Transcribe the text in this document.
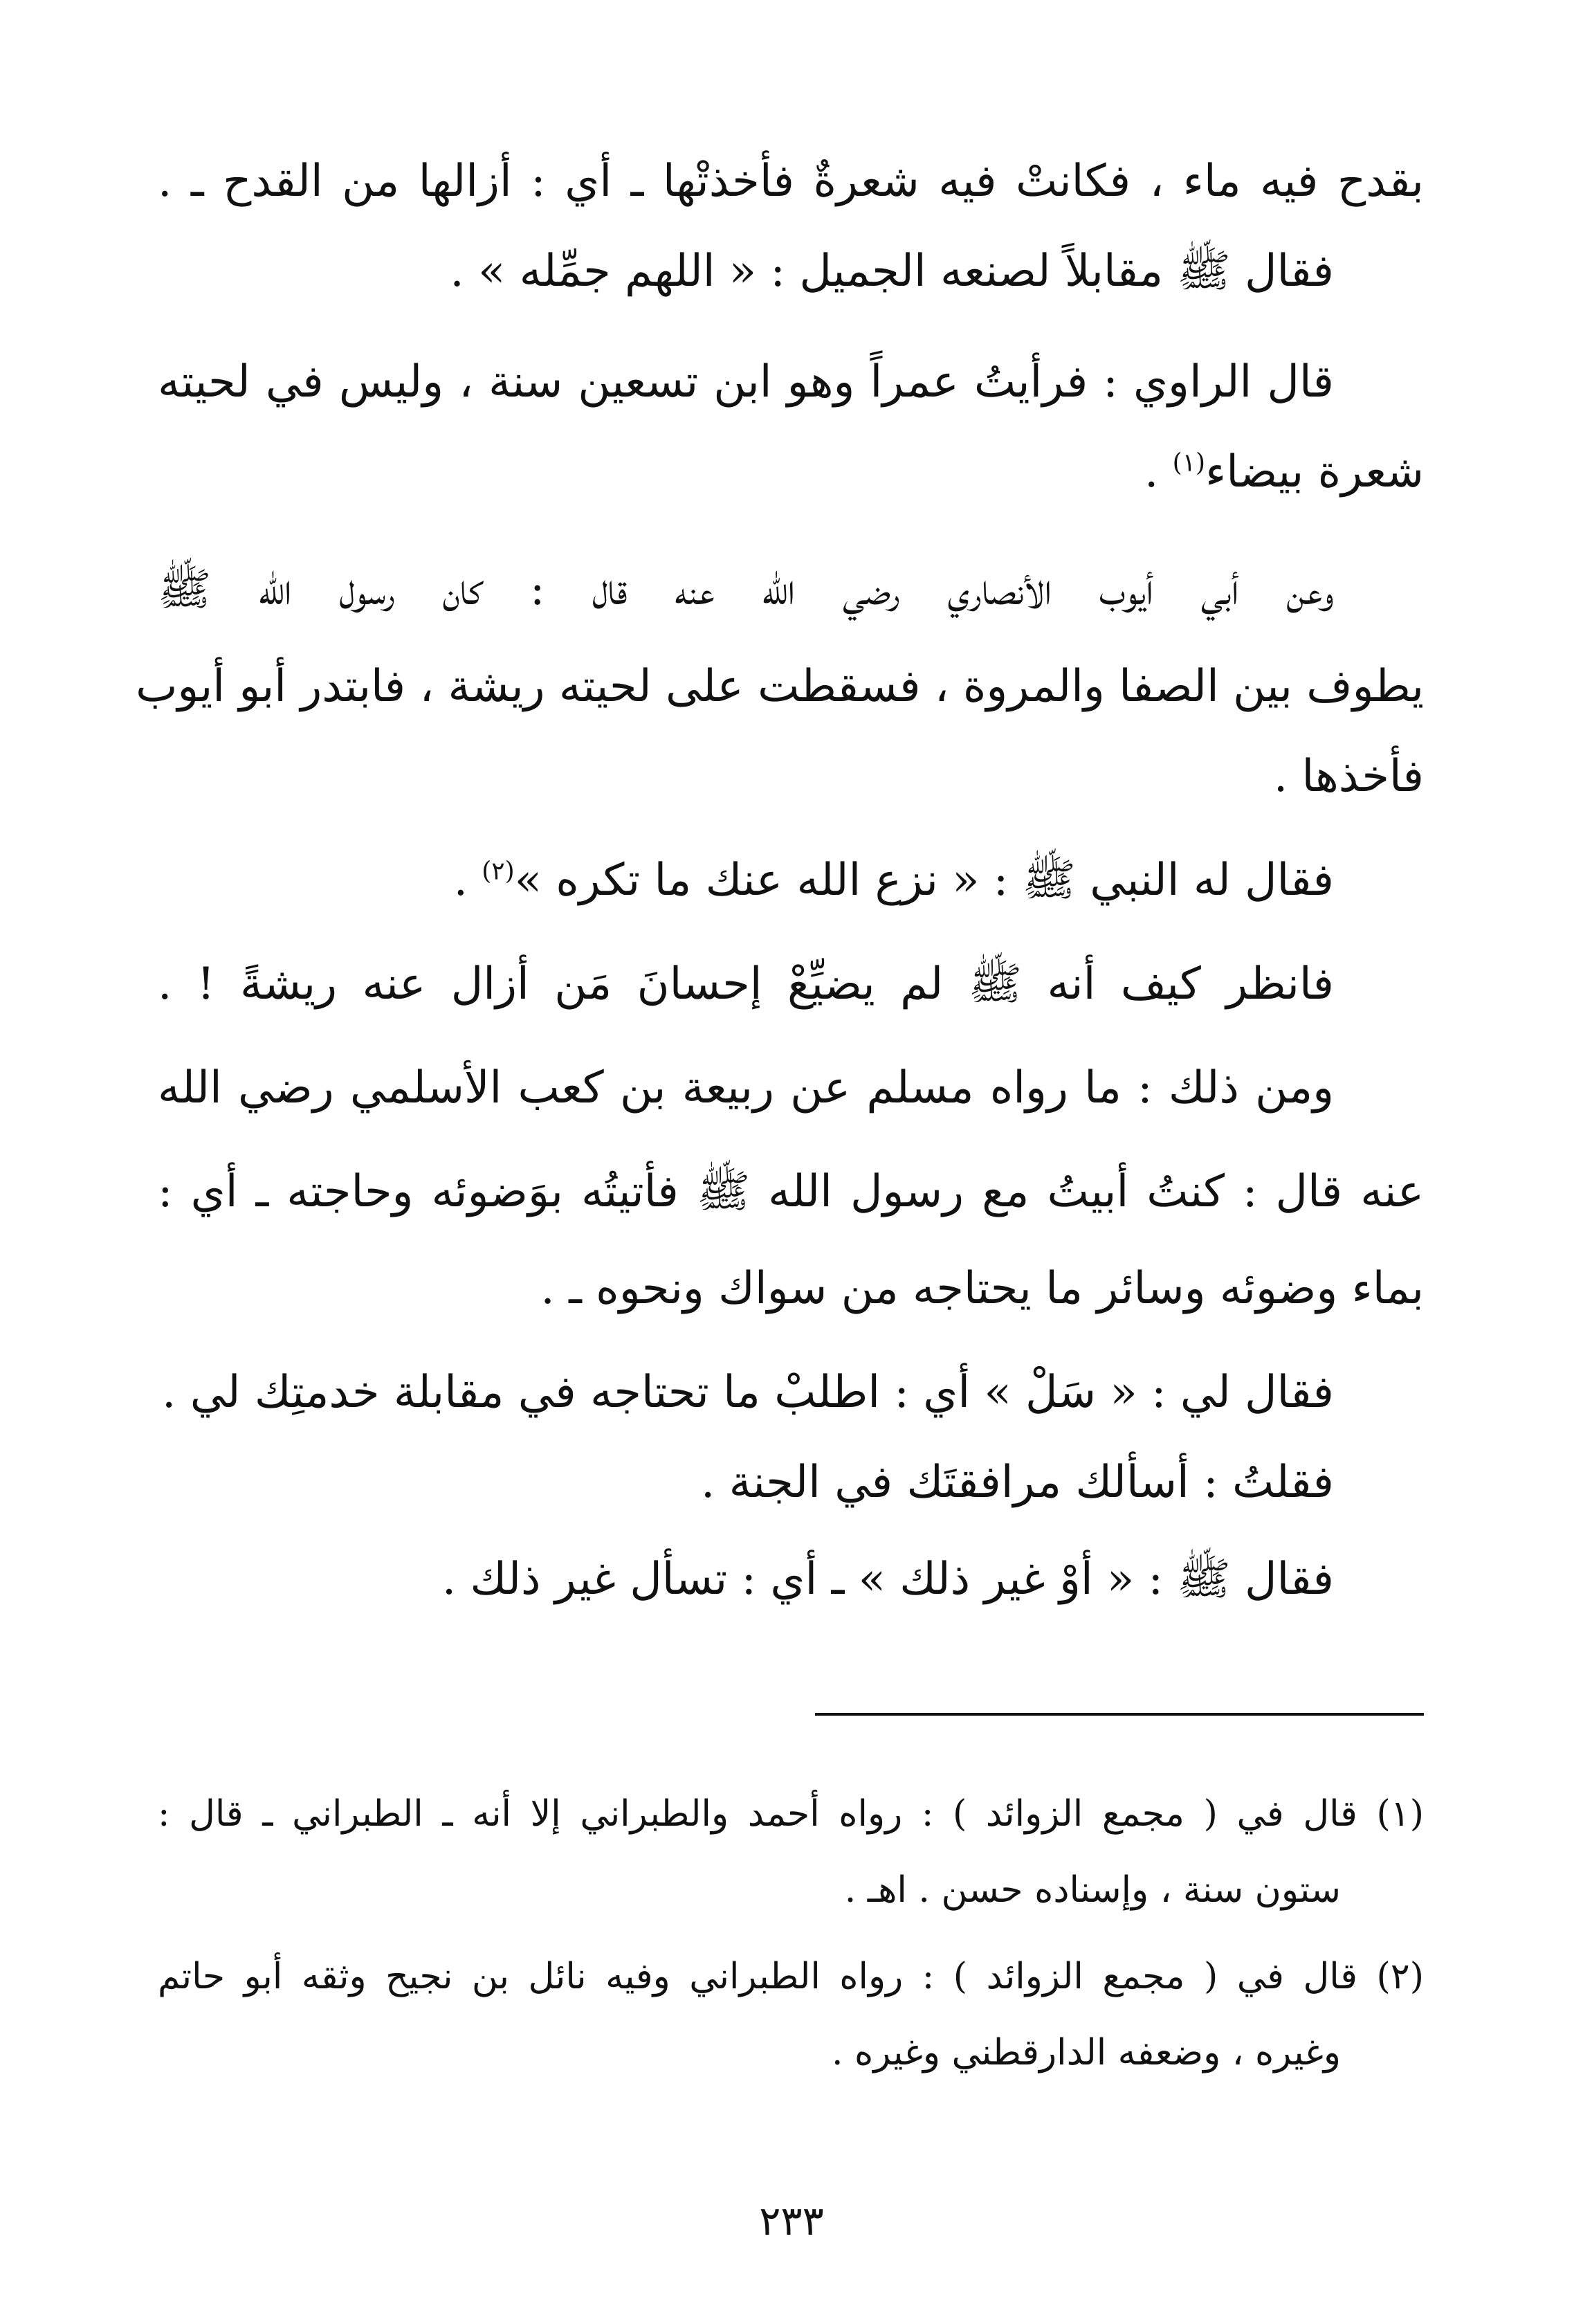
بقدح فيه ماء ، فكانتْ فيه شعرةٌ فأخذتْها ـ أي : أزالها من القدح ـ .
فقال ﷺ مقابلاً لصنعه الجميل : « اللهم جمِّله » .
قال الراوي : فرأيتُ عمراً وهو ابن تسعين سنة ، وليس في لحيته
شعرة بيضاء$^{(١)}$ .
وعن أبي أيوب الأنصاري رضي الله عنه قال : كان رسول الله ﷺ
يطوف بين الصفا والمروة ، فسقطت على لحيته ريشة ، فابتدر أبو أيوب
فأخذها .
فقال له النبي ﷺ : « نزع الله عنك ما تكره »$^{(٢)}$ .
فانظر كيف أنه ﷺ لم يضيِّعْ إحسانَ مَن أزال عنه ريشةً ! .
ومن ذلك : ما رواه مسلم عن ربيعة بن كعب الأسلمي رضي الله
عنه قال : كنتُ أبيتُ مع رسول الله ﷺ فأتيتُه بوَضوئه وحاجته ـ أي :
بماء وضوئه وسائر ما يحتاجه من سواك ونحوه ـ .
فقال لي : « سَلْ » أي : اطلبْ ما تحتاجه في مقابلة خدمتِك لي .
فقلتُ : أسألك مرافقتَك في الجنة .
فقال ﷺ : « أوْ غير ذلك » ـ أي : تسأل غير ذلك .
(١) قال في ( مجمع الزوائد ) : رواه أحمد والطبراني إلا أنه ـ الطبراني ـ قال :
ستون سنة ، وإسناده حسن . اهـ .
(٢) قال في ( مجمع الزوائد ) : رواه الطبراني وفيه نائل بن نجيح وثقه أبو حاتم
وغيره ، وضعفه الدارقطني وغيره .
٢٣٣
